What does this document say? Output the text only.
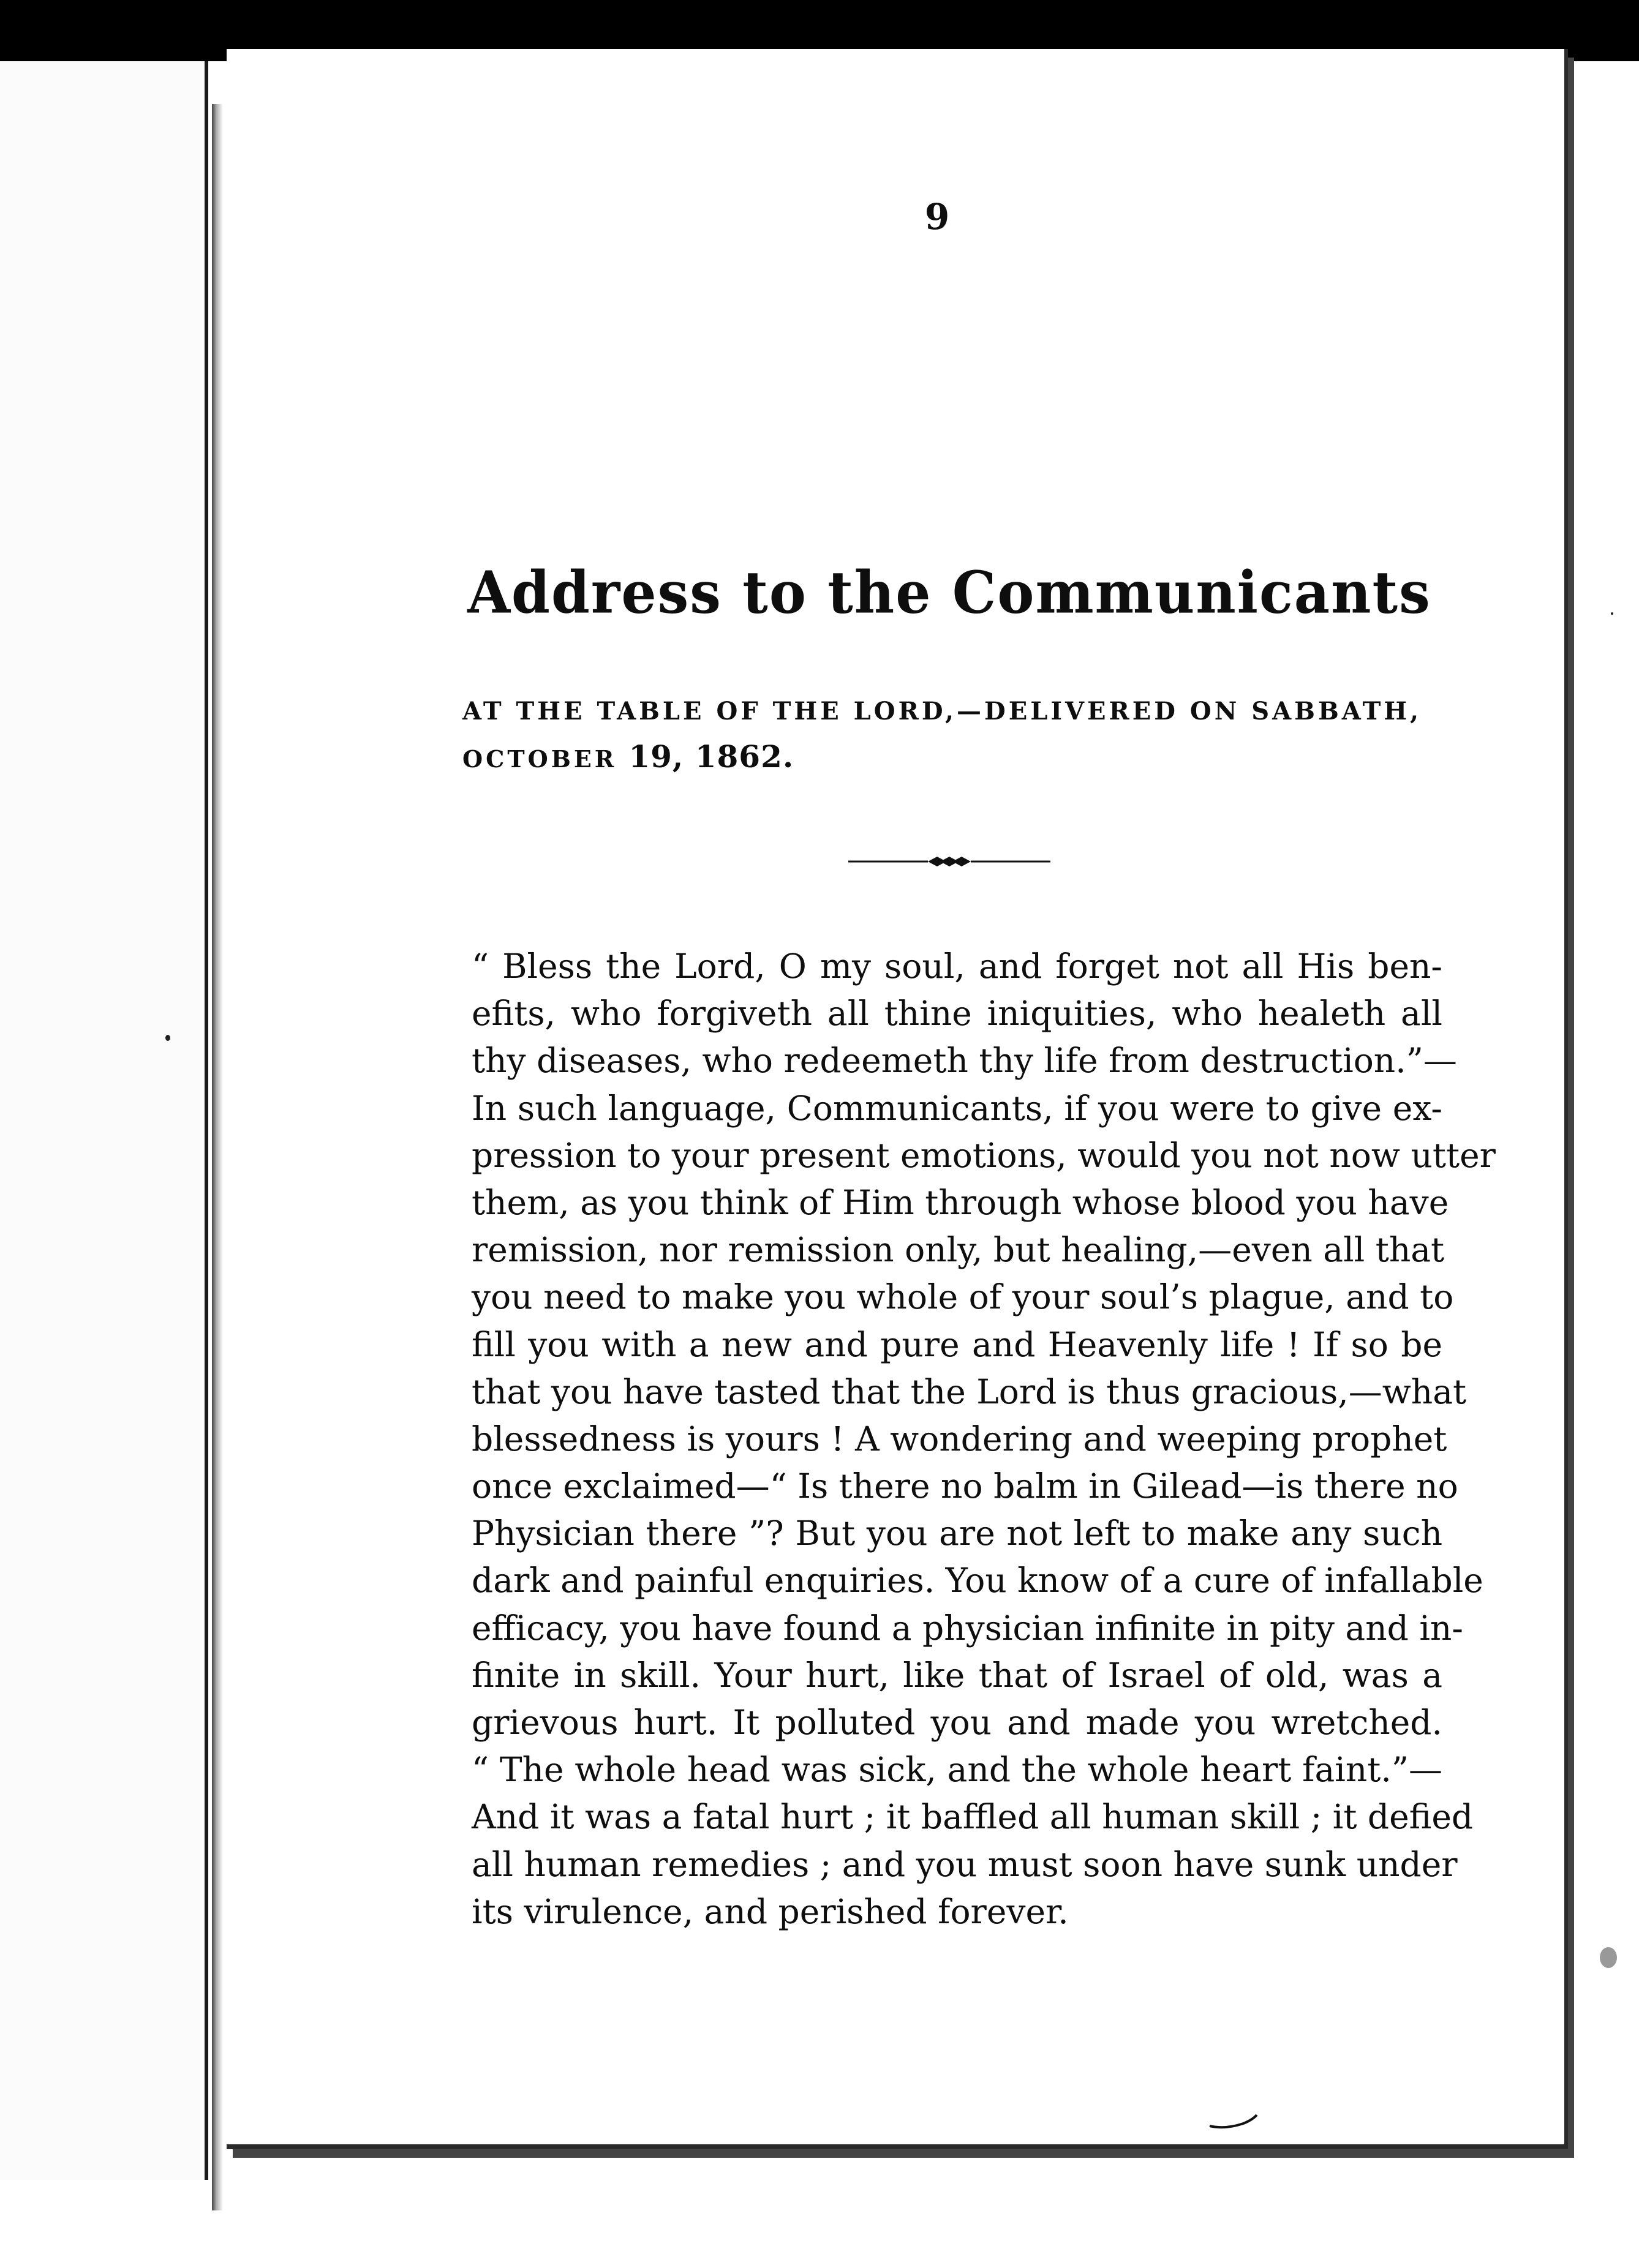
9
Address to the Communicants
AT THE TABLE OF THE LORD,—DELIVERED ON SABBATH,
OCTOBER 19, 1862.
“ Bless the Lord, O my soul, and forget not all His ben-
efits, who forgiveth all thine iniquities, who healeth all
thy diseases, who redeemeth thy life from destruction.”—
In such language, Communicants, if you were to give ex-
pression to your present emotions, would you not now utter
them, as you think of Him through whose blood you have
remission, nor remission only, but healing,—even all that
you need to make you whole of your soul’s plague, and to
fill you with a new and pure and Heavenly life ! If so be
that you have tasted that the Lord is thus gracious,—what
blessedness is yours ! A wondering and weeping prophet
once exclaimed—“ Is there no balm in Gilead—is there no
Physician there ”? But you are not left to make any such
dark and painful enquiries. You know of a cure of infallable
efficacy, you have found a physician infinite in pity and in-
finite in skill. Your hurt, like that of Israel of old, was a
grievous hurt. It polluted you and made you wretched.
“ The whole head was sick, and the whole heart faint.”—
And it was a fatal hurt ; it baffled all human skill ; it defied
all human remedies ; and you must soon have sunk under
its virulence, and perished forever.
